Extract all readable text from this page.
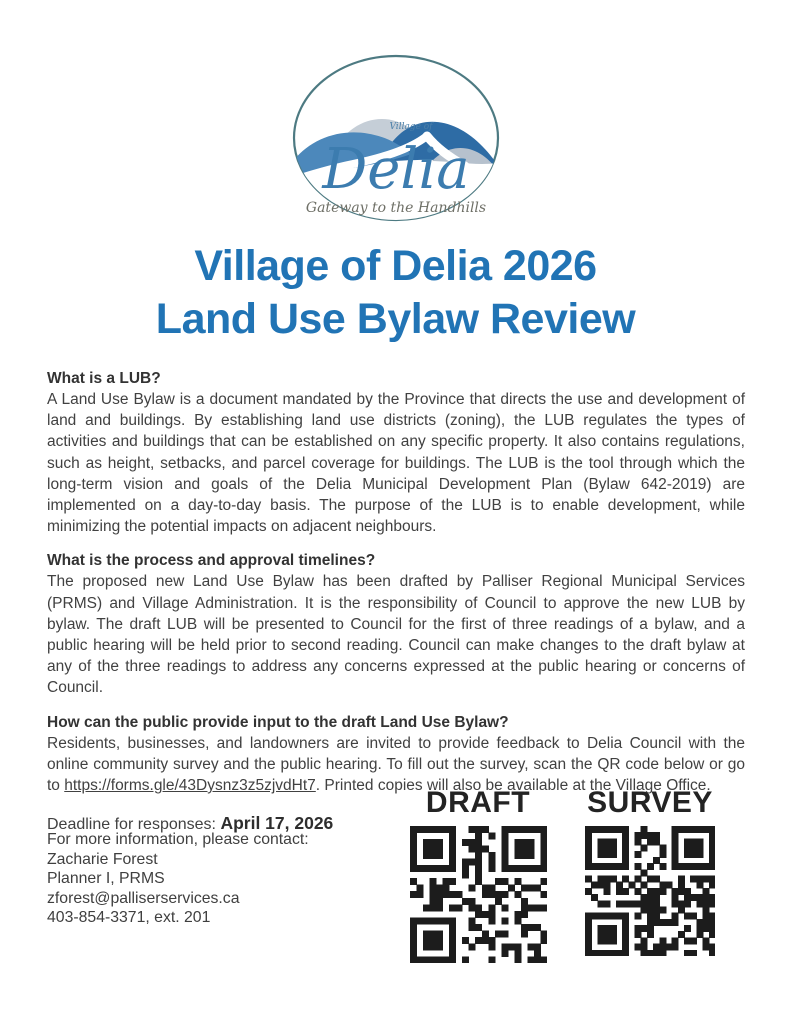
Village of
Delia
Gateway to the Handhills
Village of Delia 2026
Land Use Bylaw Review
What is a LUB?

A Land Use Bylaw is a document mandated by the Province that directs the use and development of land and buildings. By establishing land use districts (zoning), the LUB regulates the types of activities and buildings that can be established on any specific property. It also contains regulations, such as height, setbacks, and parcel coverage for buildings. The LUB is the tool through which the long-term vision and goals of the Delia Municipal Development Plan (Bylaw 642-2019) are implemented on a day-to-day basis. The purpose of the LUB is to enable development, while minimizing the potential impacts on adjacent neighbours.

What is the process and approval timelines?

The proposed new Land Use Bylaw has been drafted by Palliser Regional Municipal Services (PRMS) and Village Administration. It is the responsibility of Council to approve the new LUB by bylaw. The draft LUB will be presented to Council for the first of three readings of a bylaw, and a public hearing will be held prior to second reading. Council can make changes to the draft bylaw at any of the three readings to address any concerns expressed at the public hearing or concerns of Council.

How can the public provide input to the draft Land Use Bylaw?

Residents, businesses, and landowners are invited to provide feedback to Delia Council with the online community survey and the public hearing. To fill out the survey, scan the QR code below or go to https://forms.gle/43Dysnz3z5zjvdHt7. Printed copies will also be available at the Village Office.

Deadline for responses: April 17, 2026
For more information, please contact:
Zacharie Forest
Planner I, PRMS
zforest@palliserservices.ca
403-854-3371, ext. 201
DRAFT	SURVEY
